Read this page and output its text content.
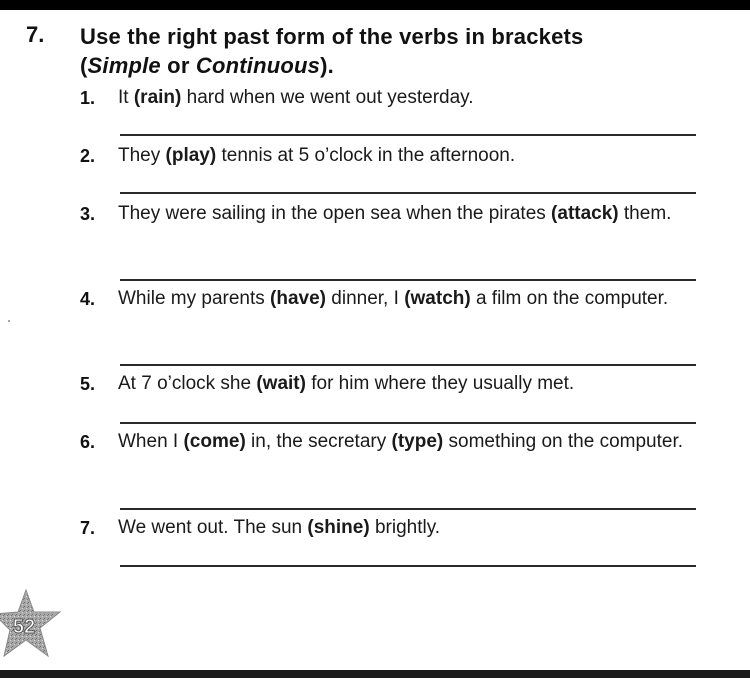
7. Use the right past form of the verbs in brackets
(Simple or Continuous).
1. It (rain) hard when we went out yesterday.
2. They (play) tennis at 5 o’clock in the afternoon.
3. They were sailing in the open sea when the pirates (attack) them.
4. While my parents (have) dinner, I (watch) a film on the computer.
5. At 7 o’clock she (wait) for him where they usually met.
6. When I (come) in, the secretary (type) something on the computer.
7. We went out. The sun (shine) brightly.
52
